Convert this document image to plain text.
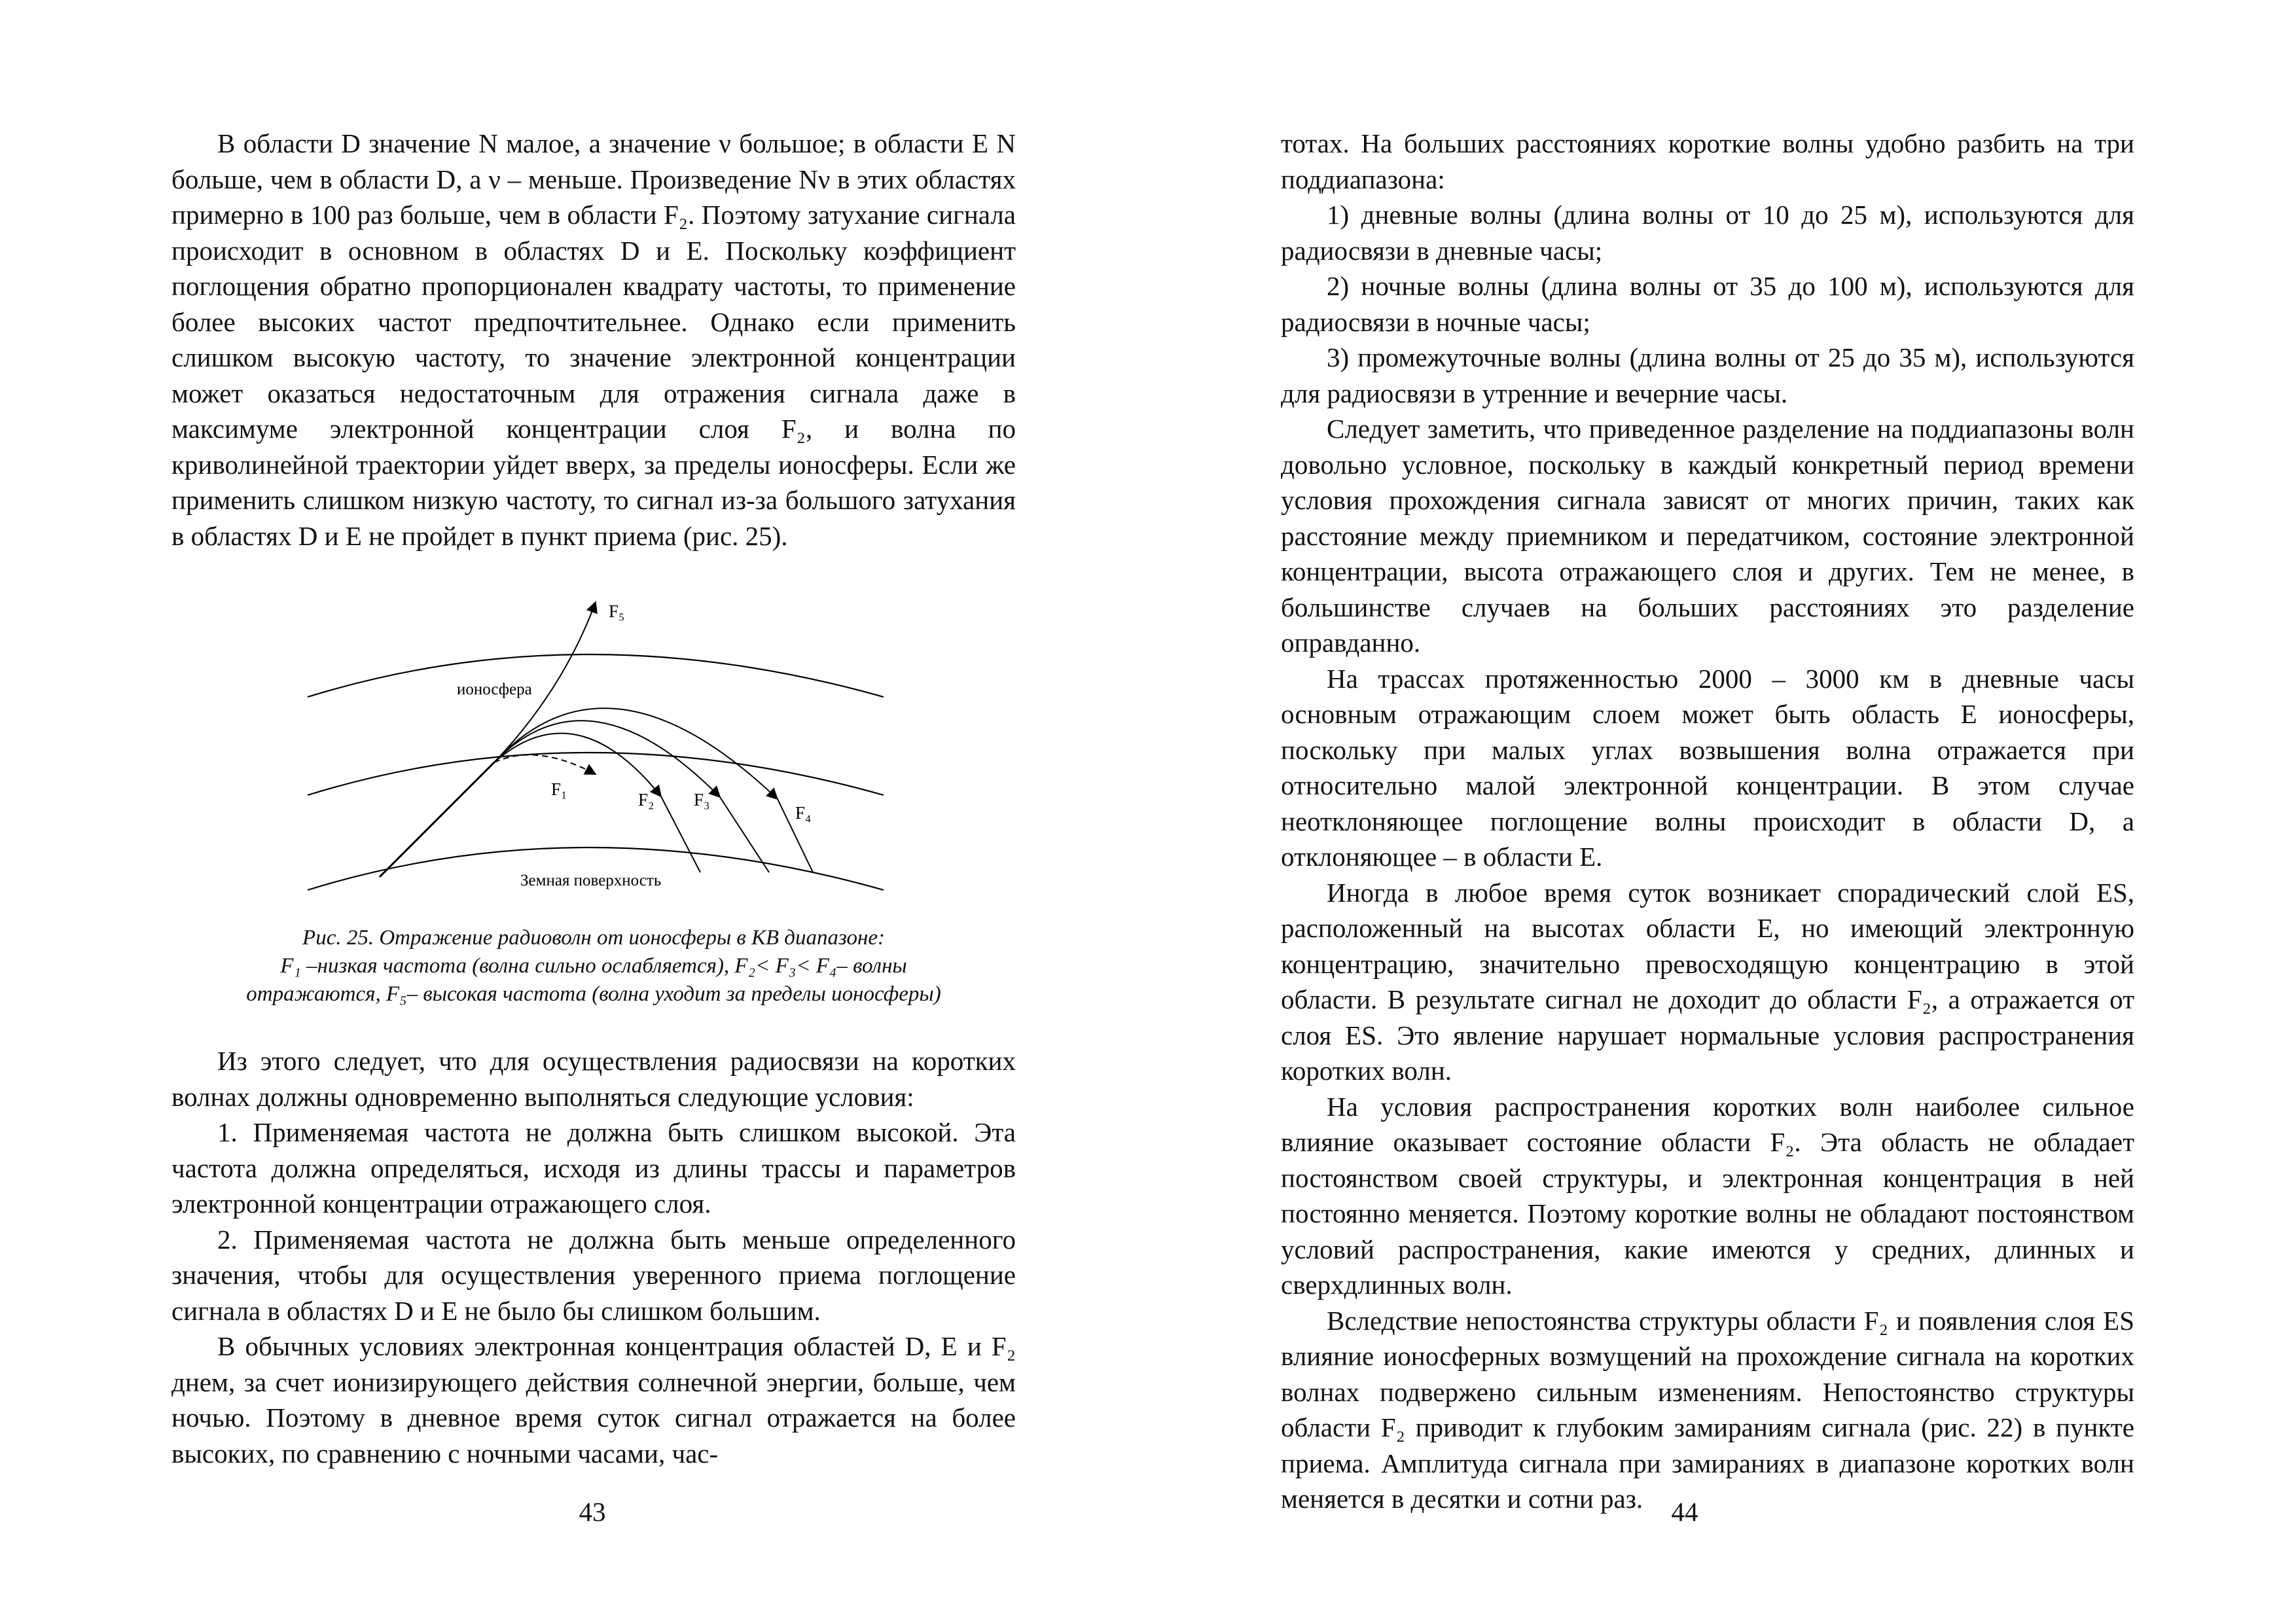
В области D значение N малое, а значение ν большое; в области E N больше, чем в области D, а ν – меньше. Произведение Nν в этих областях примерно в 100 раз больше, чем в области F₂. Поэтому затухание сигнала происходит в основном в областях D и E. Поскольку коэффициент поглощения обратно пропорционален квадрату частоты, то применение более высоких частот предпочтительнее. Однако если применить слишком высокую частоту, то значение электронной концентрации может оказаться недостаточным для отражения сигнала даже в максимуме электронной концентрации слоя F₂, и волна по криволинейной траектории уйдет вверх, за пределы ионосферы. Если же применить слишком низкую частоту, то сигнал из-за большого затухания в областях D и E не пройдет в пункт приема (рис. 25).

ионосфера
Земная поверхность
F₁
F₂ F₃
F₄
F₅
Рис. 25. Отражение радиоволн от ионосферы в КВ диапазоне:
F₁ –низкая частота (волна сильно ослабляется), F₂< F₃< F₄– волны
отражаются, F₅– высокая частота (волна уходит за пределы ионосферы)

Из этого следует, что для осуществления радиосвязи на коротких волнах должны одновременно выполняться следующие условия:

1. Применяемая частота не должна быть слишком высокой. Эта частота должна определяться, исходя из длины трассы и параметров электронной концентрации отражающего слоя.

2. Применяемая частота не должна быть меньше определенного значения, чтобы для осуществления уверенного приема поглощение сигнала в областях D и E не было бы слишком большим.

В обычных условиях электронная концентрация областей D, E и F₂ днем, за счет ионизирующего действия солнечной энергии, больше, чем ночью. Поэтому в дневное время суток сигнал отражается на более высоких, по сравнению с ночными часами, час-

43

тотах. На больших расстояниях короткие волны удобно разбить на три поддиапазона:

1) дневные волны (длина волны от 10 до 25 м), используются для радиосвязи в дневные часы;

2) ночные волны (длина волны от 35 до 100 м), используются для радиосвязи в ночные часы;

3) промежуточные волны (длина волны от 25 до 35 м), используются для радиосвязи в утренние и вечерние часы.

Следует заметить, что приведенное разделение на поддиапазоны волн довольно условное, поскольку в каждый конкретный период времени условия прохождения сигнала зависят от многих причин, таких как расстояние между приемником и передатчиком, состояние электронной концентрации, высота отражающего слоя и других. Тем не менее, в большинстве случаев на больших расстояниях это разделение оправданно.

На трассах протяженностью 2000 – 3000 км в дневные часы основным отражающим слоем может быть область E ионосферы, поскольку при малых углах возвышения волна отражается при относительно малой электронной концентрации. В этом случае неотклоняющее поглощение волны происходит в области D, а отклоняющее – в области E.

Иногда в любое время суток возникает спорадический слой ES, расположенный на высотах области E, но имеющий электронную концентрацию, значительно превосходящую концентрацию в этой области. В результате сигнал не доходит до области F₂, а отражается от слоя ES. Это явление нарушает нормальные условия распространения коротких волн.

На условия распространения коротких волн наиболее сильное влияние оказывает состояние области F₂. Эта область не обладает постоянством своей структуры, и электронная концентрация в ней постоянно меняется. Поэтому короткие волны не обладают постоянством условий распространения, какие имеются у средних, длинных и сверхдлинных волн.

Вследствие непостоянства структуры области F₂ и появления слоя ES влияние ионосферных возмущений на прохождение сигнала на коротких волнах подвержено сильным изменениям. Непостоянство структуры области F₂ приводит к глубоким замираниям сигнала (рис. 22) в пункте приема. Амплитуда сигнала при замираниях в диапазоне коротких волн меняется в десятки и сотни раз.	44
